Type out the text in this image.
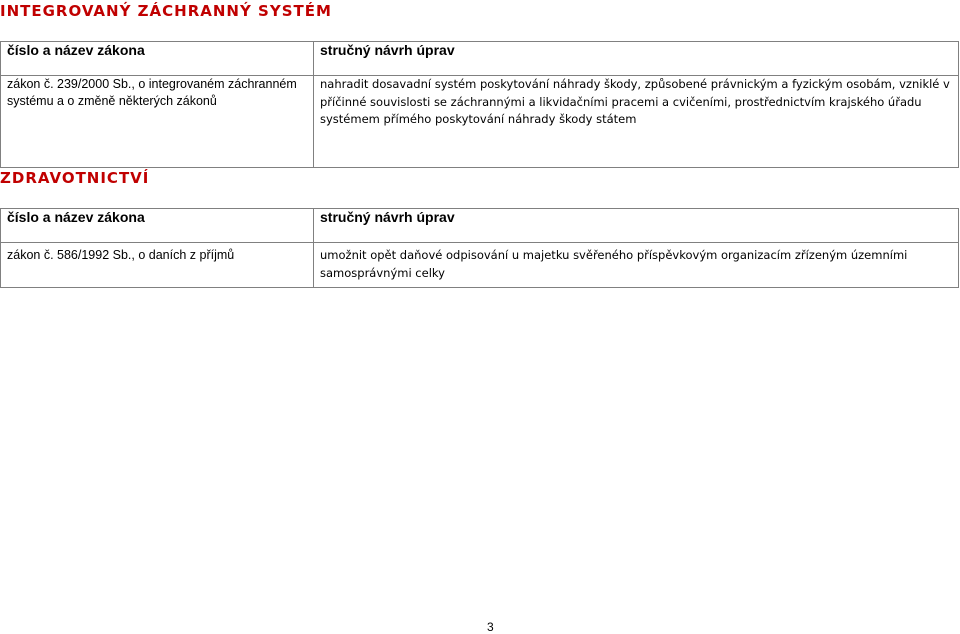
INTEGROVANÝ ZÁCHRANNÝ SYSTÉM
číslo a název zákona	stručný návrh úprav
zákon č. 239/2000 Sb., o integrovaném záchranném systému a o změně některých zákonů	nahradit dosavadní systém poskytování náhrady škody, způsobené právnickým a fyzickým osobám, vzniklé v příčinné souvislosti se záchrannými a likvidačními pracemi a cvičeními, prostřednictvím krajského úřadu systémem přímého poskytování náhrady škody státem
ZDRAVOTNICTVÍ
číslo a název zákona	stručný návrh úprav
zákon č. 586/1992 Sb., o daních z příjmů	umožnit opět daňové odpisování u majetku svěřeného příspěvkovým organizacím zřízeným územními samosprávnými celky
3
